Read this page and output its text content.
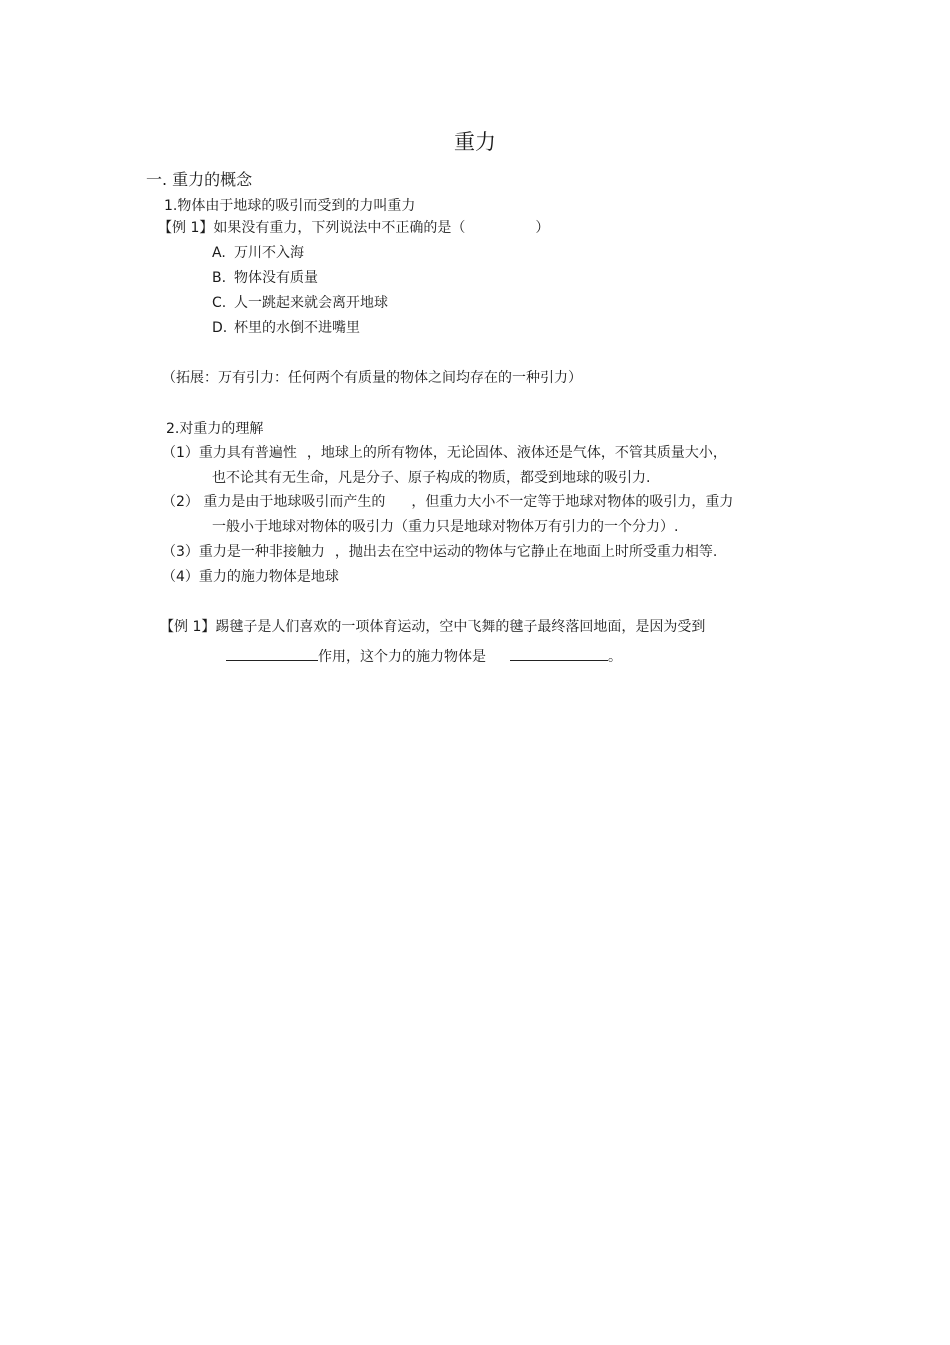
重力
一. 重力的概念
1.物体由于地球的吸引而受到的力叫重力
【例 1】如果没有重力，下列说法中不正确的是（	）
A. 万川不入海
B. 物体没有质量
C. 人一跳起来就会离开地球
D. 杯里的水倒不进嘴里
（拓展：万有引力：任何两个有质量的物体之间均存在的一种引力）
2.对重力的理解
（1）重力具有普遍性 ，地球上的所有物体，无论固体、液体还是气体，不管其质量大小，
也不论其有无生命，凡是分子、原子构成的物质，都受到地球的吸引力.
（2） 重力是由于地球吸引而产生的 ，但重力大小不一定等于地球对物体的吸引力，重力
一般小于地球对物体的吸引力（重力只是地球对物体万有引力的一个分力）.
（3）重力是一种非接触力 ，抛出去在空中运动的物体与它静止在地面上时所受重力相等.
（4）重力的施力物体是地球
【例 1】踢毽子是人们喜欢的一项体育运动，空中飞舞的毽子最终落回地面，是因为受到
作用，这个力的施力物体是	。
